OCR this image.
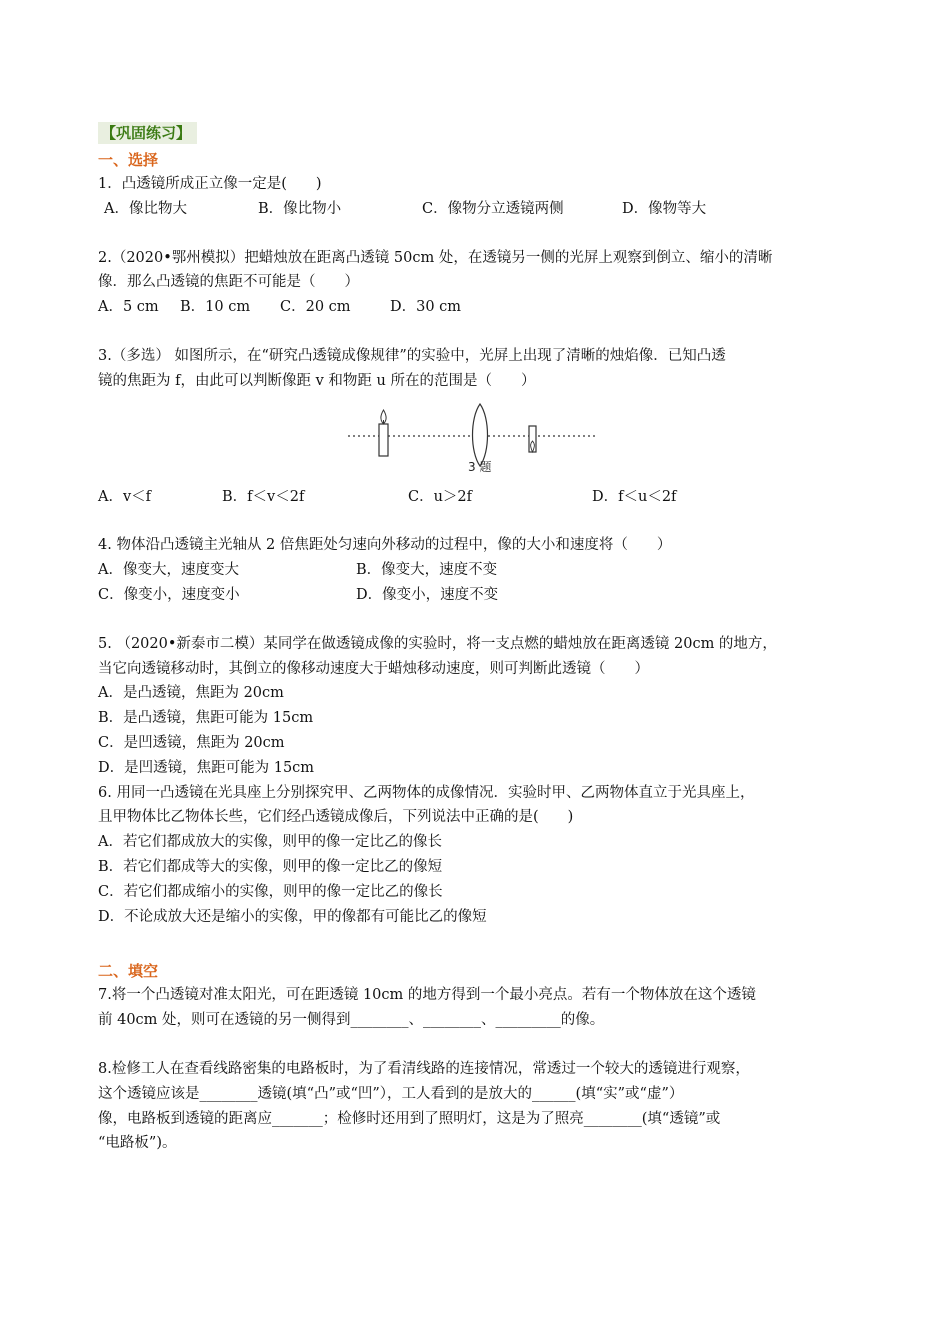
【巩固练习】
一、选择
1．凸透镜所成正立像一定是(　　)
A．像比物大	B．像比物小	C．像物分立透镜两侧	D．像物等大
2.（2020•鄂州模拟）把蜡烛放在距离凸透镜 50cm 处，在透镜另一侧的光屏上观察到倒立、缩小的清晰
像．那么凸透镜的焦距不可能是（　　）
A．5 cm	B．10 cm	C．20 cm	D．30 cm
3.（多选） 如图所示，在“研究凸透镜成像规律”的实验中，光屏上出现了清晰的烛焰像．已知凸透
镜的焦距为 f，由此可以判断像距 v 和物距 u 所在的范围是（　　）
3 题
A．v＜f	B．f＜v＜2f	C．u＞2f	D．f＜u＜2f
4. 物体沿凸透镜主光轴从 2 倍焦距处匀速向外移动的过程中，像的大小和速度将（　　）
A．像变大，速度变大	B．像变大，速度不变
C．像变小，速度变小	D．像变小，速度不变
5. （2020•新泰市二模）某同学在做透镜成像的实验时，将一支点燃的蜡烛放在距离透镜 20cm 的地方，
当它向透镜移动时，其倒立的像移动速度大于蜡烛移动速度，则可判断此透镜（　　）
A．是凸透镜，焦距为 20cm
B．是凸透镜，焦距可能为 15cm
C．是凹透镜，焦距为 20cm
D．是凹透镜，焦距可能为 15cm
6. 用同一凸透镜在光具座上分别探究甲、乙两物体的成像情况．实验时甲、乙两物体直立于光具座上，
且甲物体比乙物体长些，它们经凸透镜成像后，下列说法中正确的是(　　)
A．若它们都成放大的实像，则甲的像一定比乙的像长
B．若它们都成等大的实像，则甲的像一定比乙的像短
C．若它们都成缩小的实像，则甲的像一定比乙的像长
D．不论成放大还是缩小的实像，甲的像都有可能比乙的像短
二、填空
7.将一个凸透镜对准太阳光，可在距透镜 10cm 的地方得到一个最小亮点。若有一个物体放在这个透镜
前 40cm 处，则可在透镜的另一侧得到________、________、_________的像。
8.检修工人在查看线路密集的电路板时，为了看清线路的连接情况，常透过一个较大的透镜进行观察，
这个透镜应该是________透镜(填“凸”或“凹”），工人看到的是放大的______(填“实”或“虚”）
像，电路板到透镜的距离应_______；检修时还用到了照明灯，这是为了照亮________(填“透镜”或
“电路板”)。
